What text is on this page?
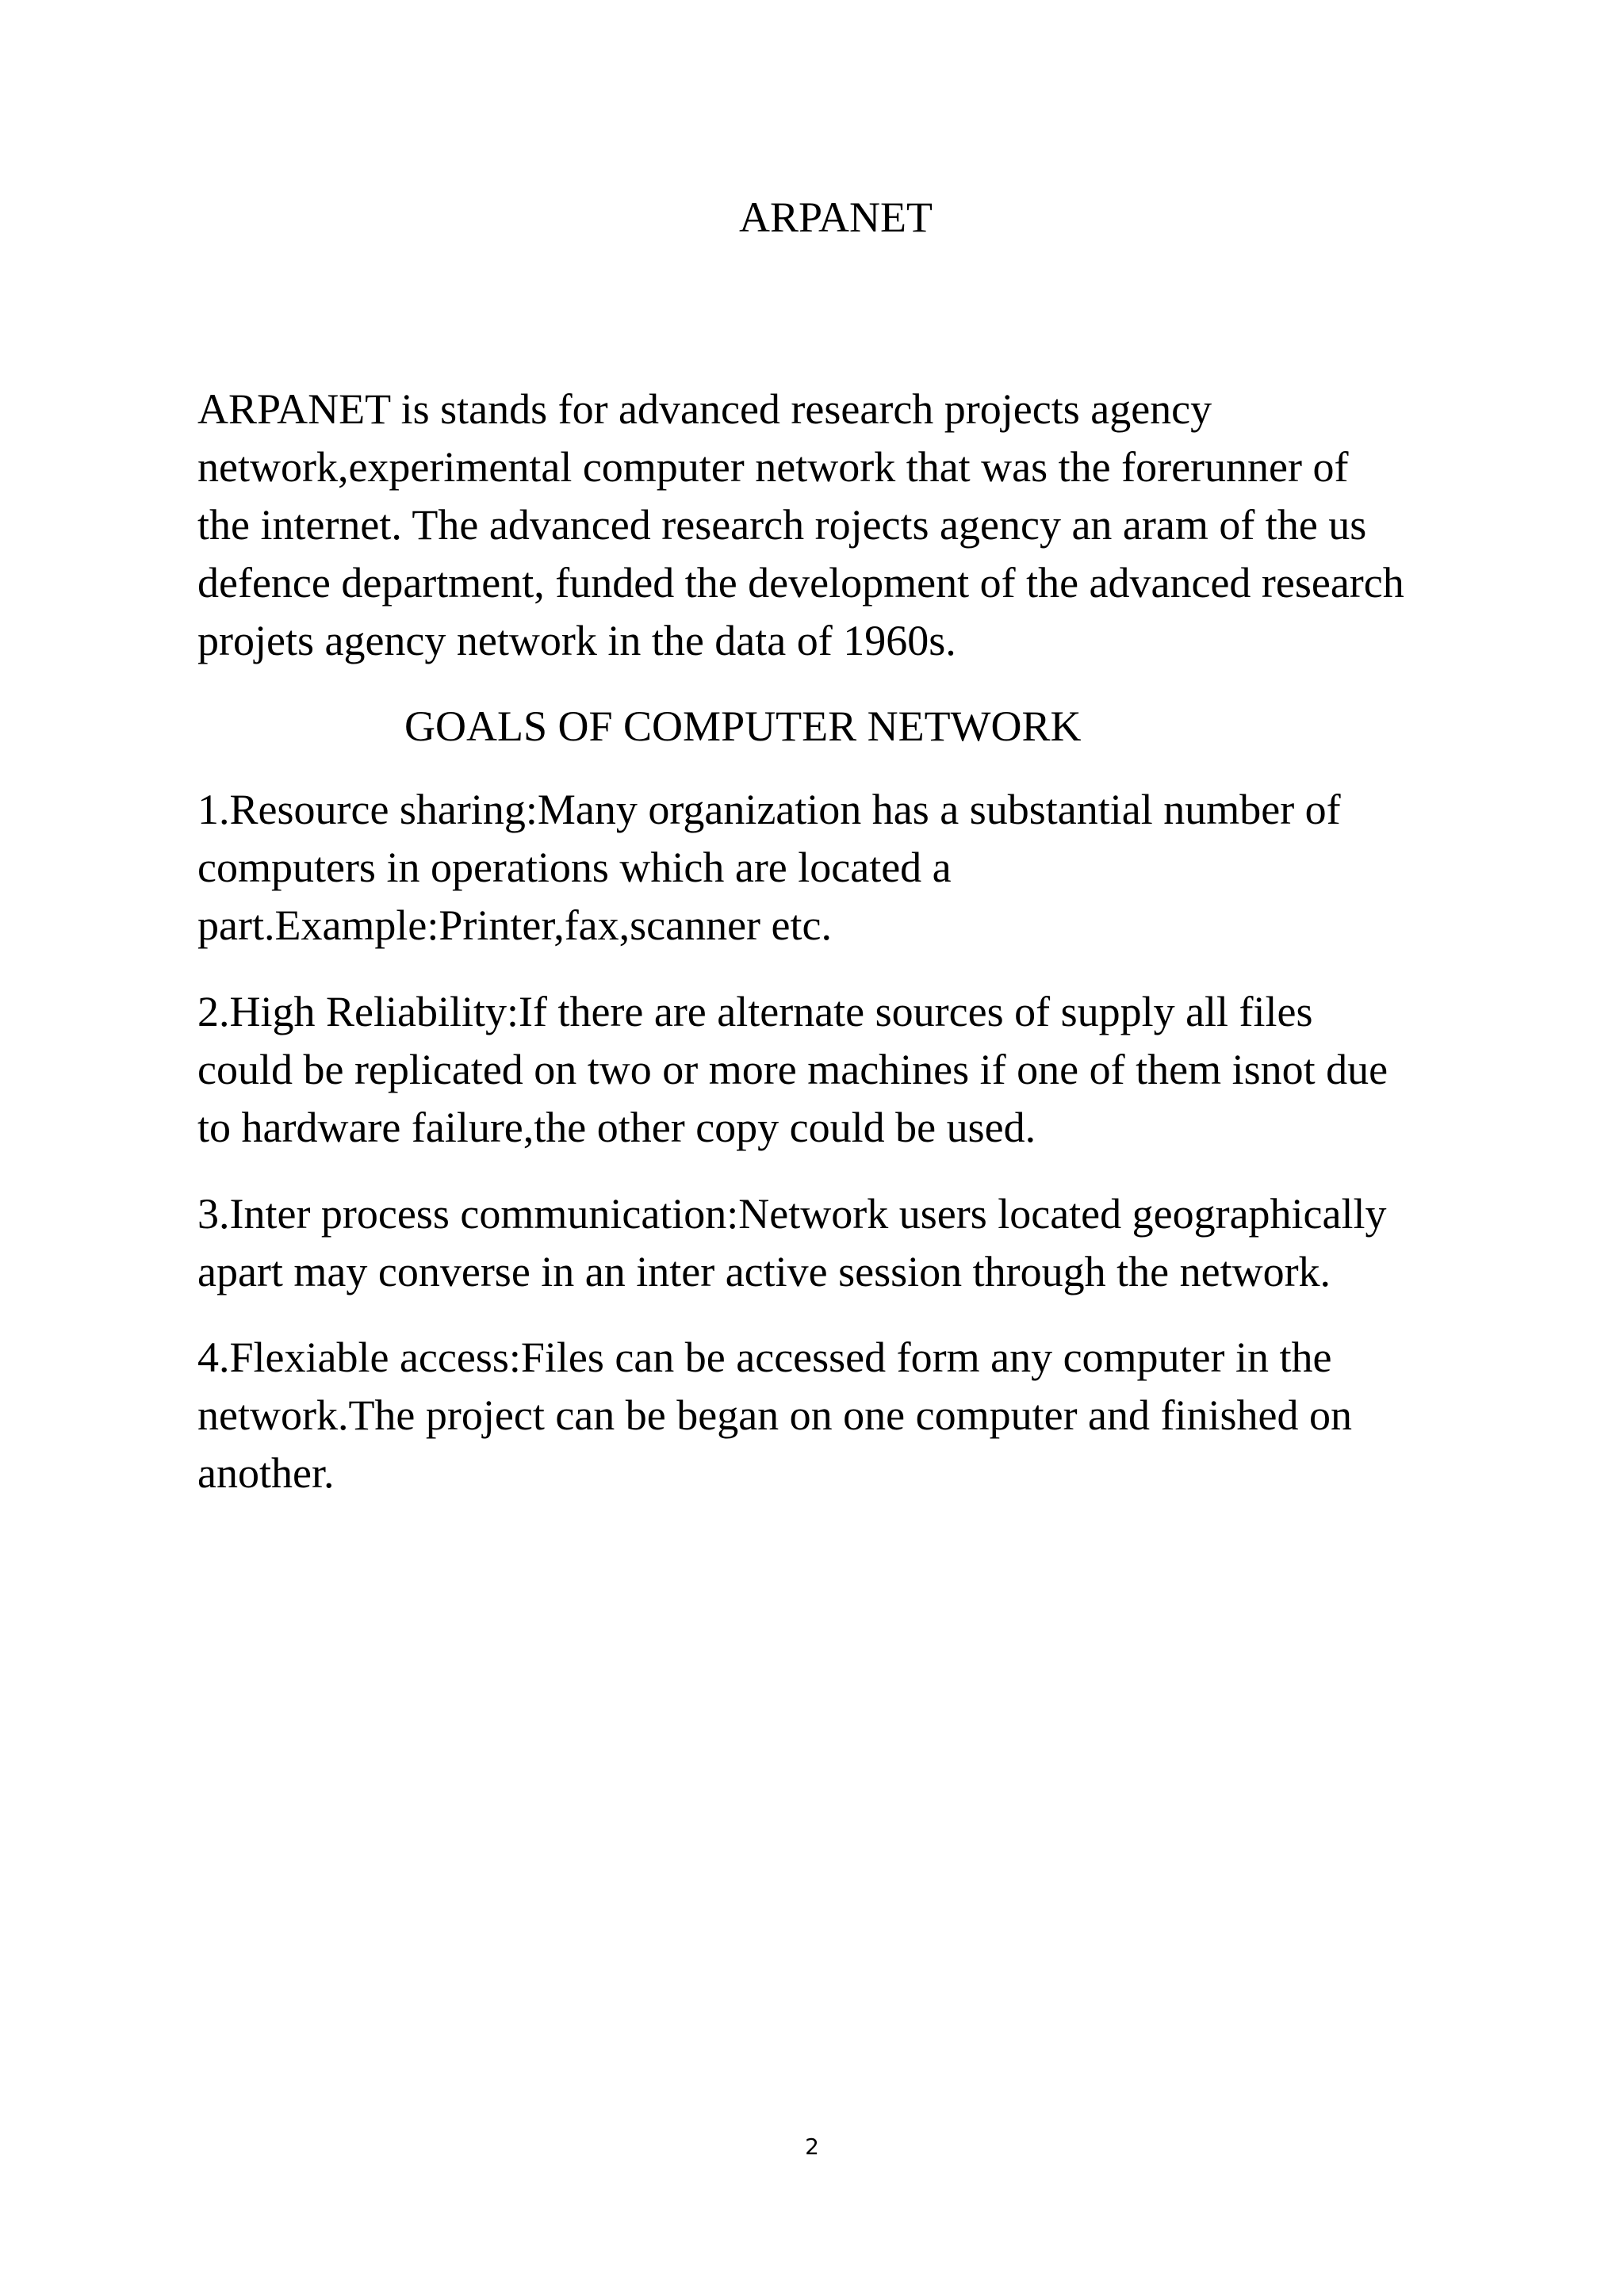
ARPANET

ARPANET is stands for advanced research projects agency
network,experimental computer network that was the forerunner of
the internet. The advanced research rojects agency an aram of the us
defence department, funded the development of the advanced research
projets agency network in the data of 1960s.

GOALS OF COMPUTER NETWORK

1.Resource sharing:Many organization has a substantial number of
computers in operations which are located a
part.Example:Printer,fax,scanner etc.

2.High Reliability:If there are alternate sources of supply all files
could be replicated on two or more machines if one of them isnot due
to hardware failure,the other copy could be used.

3.Inter process communication:Network users located geographically
apart may converse in an inter active session through the network.

4.Flexiable access:Files can be accessed form any computer in the
network.The project can be began on one computer and finished on
another.

2
